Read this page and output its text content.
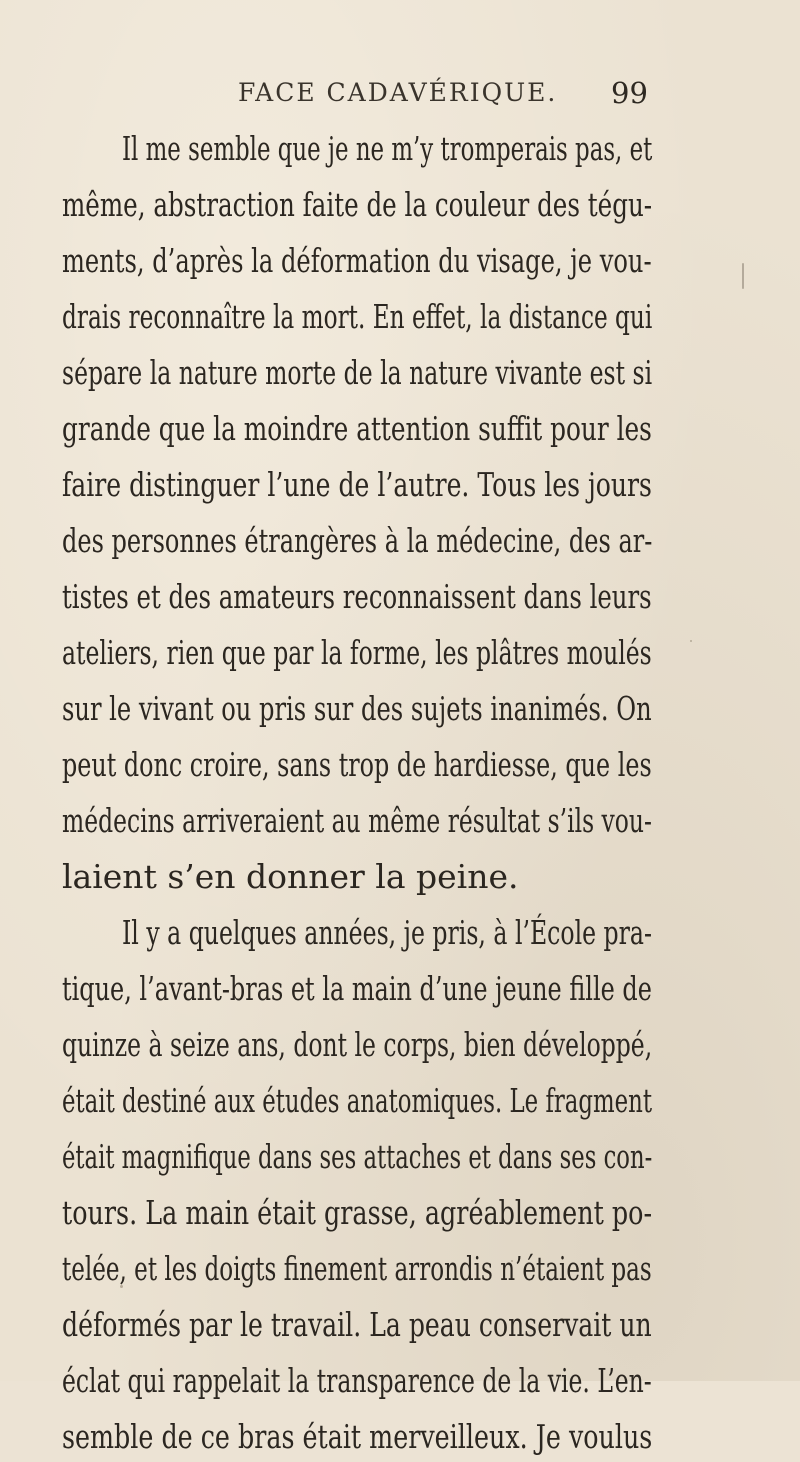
FACE CADAVÉRIQUE. 99
Il me semble que je ne m’y tromperais pas, et
même, abstraction faite de la couleur des tégu-
ments, d’après la déformation du visage, je vou-
drais reconnaître la mort. En effet, la distance qui
sépare la nature morte de la nature vivante est si
grande que la moindre attention suffit pour les
faire distinguer l’une de l’autre. Tous les jours
des personnes étrangères à la médecine, des ar-
tistes et des amateurs reconnaissent dans leurs
ateliers, rien que par la forme, les plâtres moulés
sur le vivant ou pris sur des sujets inanimés. On
peut donc croire, sans trop de hardiesse, que les
médecins arriveraient au même résultat s’ils vou-
laient s’en donner la peine.
Il y a quelques années, je pris, à l’École pra-
tique, l’avant-bras et la main d’une jeune fille de
quinze à seize ans, dont le corps, bien développé,
était destiné aux études anatomiques. Le fragment
était magnifique dans ses attaches et dans ses con-
tours. La main était grasse, agréablement po-
telée, et les doigts finement arrondis n’étaient pas
déformés par le travail. La peau conservait un
éclat qui rappelait la transparence de la vie. L’en-
semble de ce bras était merveilleux. Je voulus
